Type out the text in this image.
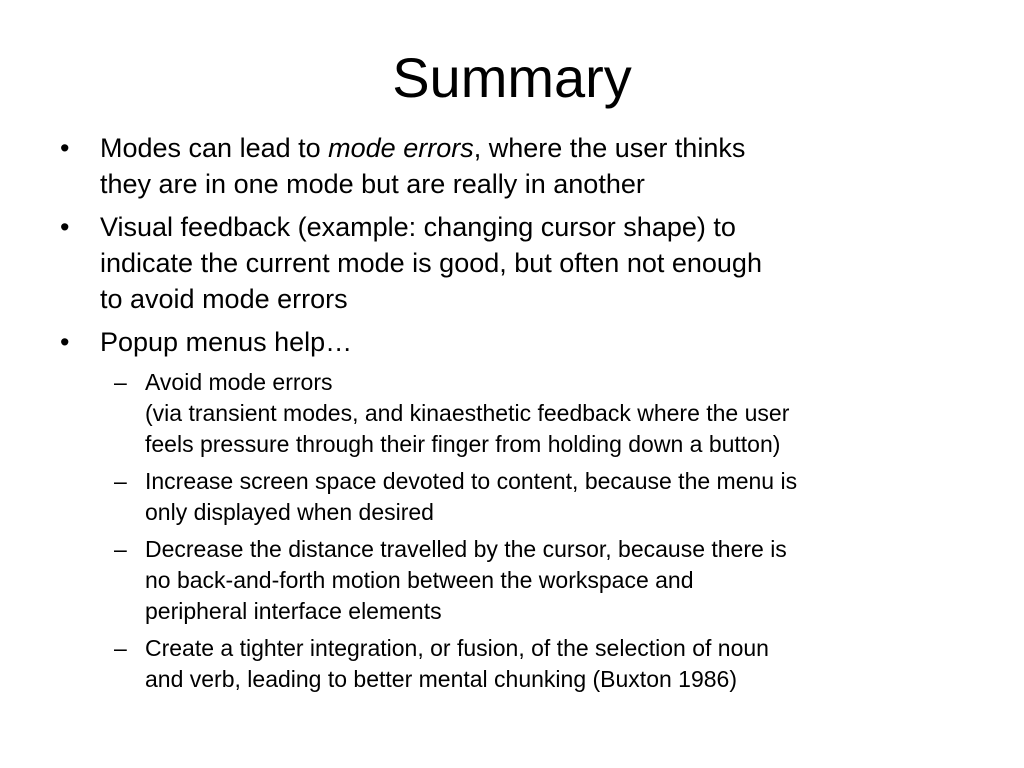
Summary
• Modes can lead to mode errors, where the user thinks
they are in one mode but are really in another
• Visual feedback (example: changing cursor shape) to
indicate the current mode is good, but often not enough
to avoid mode errors
• Popup menus help…
– Avoid mode errors
(via transient modes, and kinaesthetic feedback where the user
feels pressure through their finger from holding down a button)
– Increase screen space devoted to content, because the menu is
only displayed when desired
– Decrease the distance travelled by the cursor, because there is
no back-and-forth motion between the workspace and
peripheral interface elements
– Create a tighter integration, or fusion, of the selection of noun
and verb, leading to better mental chunking (Buxton 1986)
